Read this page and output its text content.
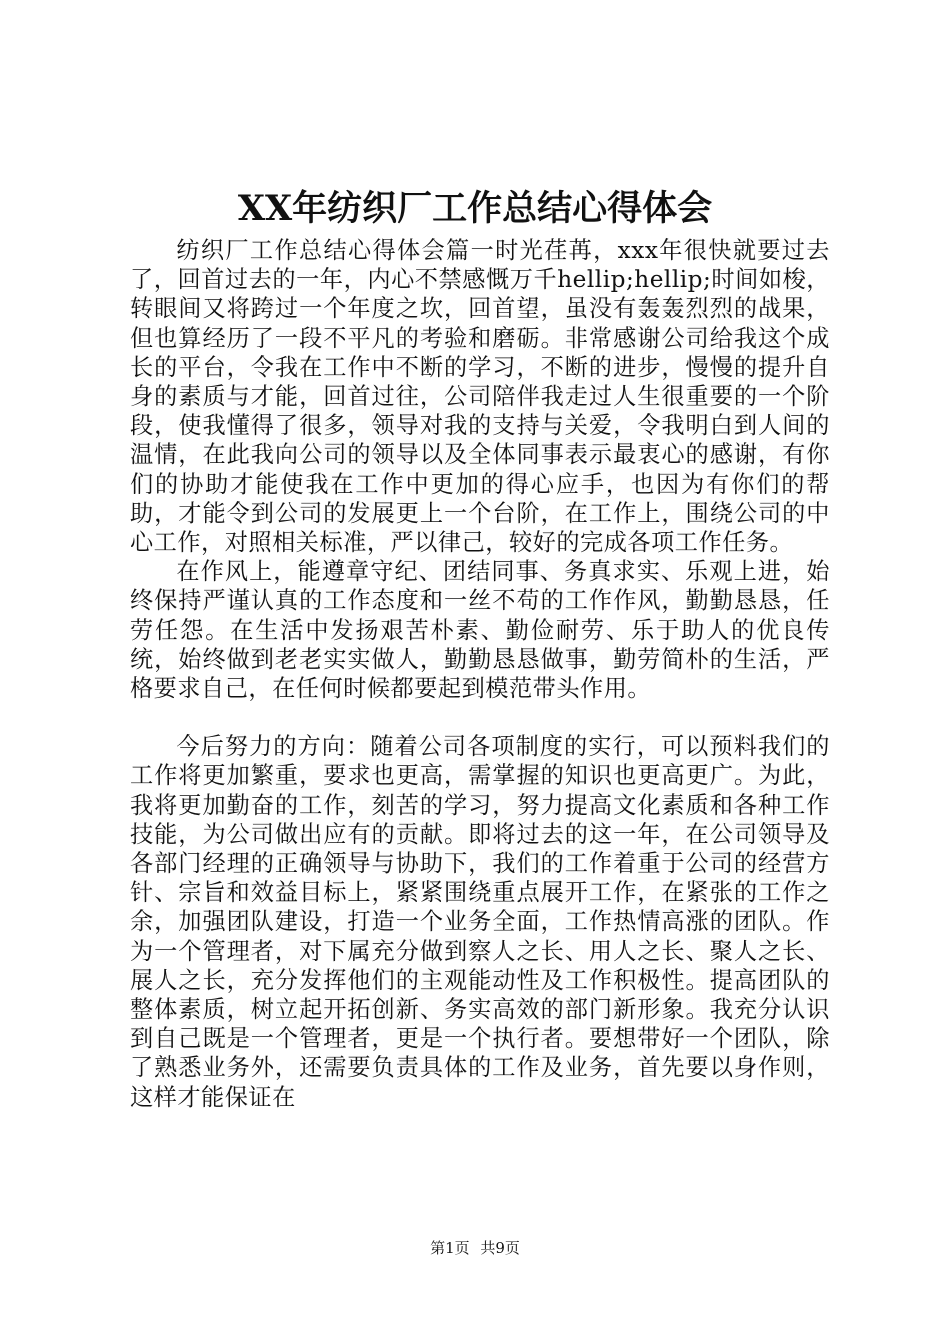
XX年纺织厂工作总结心得体会

纺织厂工作总结心得体会篇一时光荏苒，xxx年很快就要过去了，回首过去的一年，内心不禁感慨万千hellip;hellip;时间如梭，转眼间又将跨过一个年度之坎，回首望，虽没有轰轰烈烈的战果，但也算经历了一段不平凡的考验和磨砺。非常感谢公司给我这个成长的平台，令我在工作中不断的学习，不断的进步，慢慢的提升自身的素质与才能，回首过往，公司陪伴我走过人生很重要的一个阶段，使我懂得了很多，领导对我的支持与关爱，令我明白到人间的温情，在此我向公司的领导以及全体同事表示最衷心的感谢，有你们的协助才能使我在工作中更加的得心应手，也因为有你们的帮助，才能令到公司的发展更上一个台阶，在工作上，围绕公司的中心工作，对照相关标准，严以律己，较好的完成各项工作任务。

在作风上，能遵章守纪、团结同事、务真求实、乐观上进，始终保持严谨认真的工作态度和一丝不苟的工作作风，勤勤恳恳，任劳任怨。在生活中发扬艰苦朴素、勤俭耐劳、乐于助人的优良传统，始终做到老老实实做人，勤勤恳恳做事，勤劳简朴的生活，严格要求自己，在任何时候都要起到模范带头作用。

今后努力的方向：随着公司各项制度的实行，可以预料我们的工作将更加繁重，要求也更高，需掌握的知识也更高更广。为此，我将更加勤奋的工作，刻苦的学习，努力提高文化素质和各种工作技能，为公司做出应有的贡献。即将过去的这一年，在公司领导及各部门经理的正确领导与协助下，我们的工作着重于公司的经营方针、宗旨和效益目标上，紧紧围绕重点展开工作，在紧张的工作之余，加强团队建设，打造一个业务全面，工作热情高涨的团队。作为一个管理者，对下属充分做到察人之长、用人之长、聚人之长、展人之长，充分发挥他们的主观能动性及工作积极性。提高团队的整体素质，树立起开拓创新、务实高效的部门新形象。我充分认识到自己既是一个管理者，更是一个执行者。要想带好一个团队，除了熟悉业务外，还需要负责具体的工作及业务，首先要以身作则，这样才能保证在

第1页 共9页
